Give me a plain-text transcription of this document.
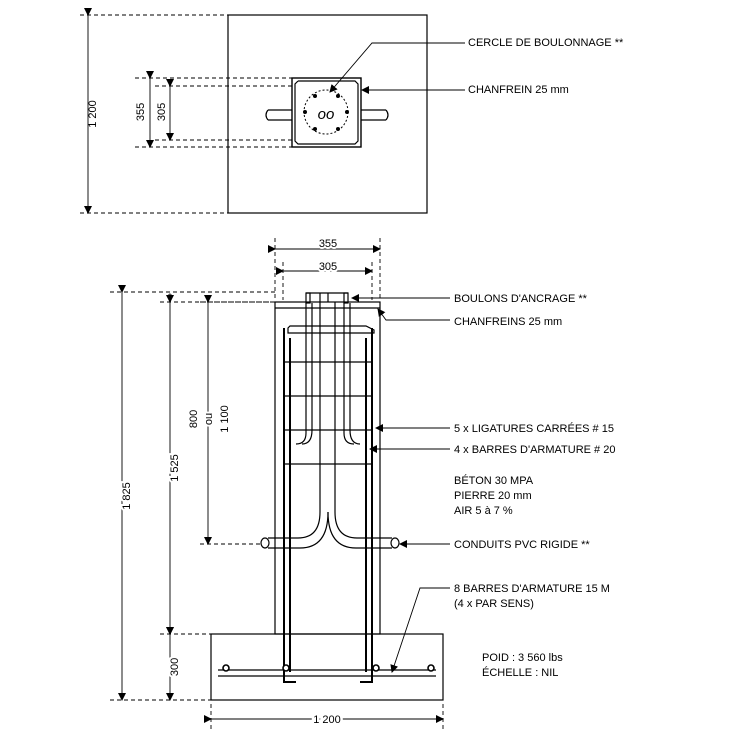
1 200	355 305	oo
CERCLE DE BOULONNAGE **
CHANFREIN 25 mm
355
305
1 825
1 525
*
300
800 ou 1 100
1 200
BOULONS D'ANCRAGE **
CHANFREINS 25 mm
5 x LIGATURES CARRÉES # 15
4 x BARRES D'ARMATURE # 20
BÉTON 30 MPA
PIERRE 20 mm
AIR 5 à 7 %
CONDUITS PVC RIGIDE **
8 BARRES D'ARMATURE 15 M
(4 x PAR SENS)
POID : 3 560 lbs
ÉCHELLE : NIL
